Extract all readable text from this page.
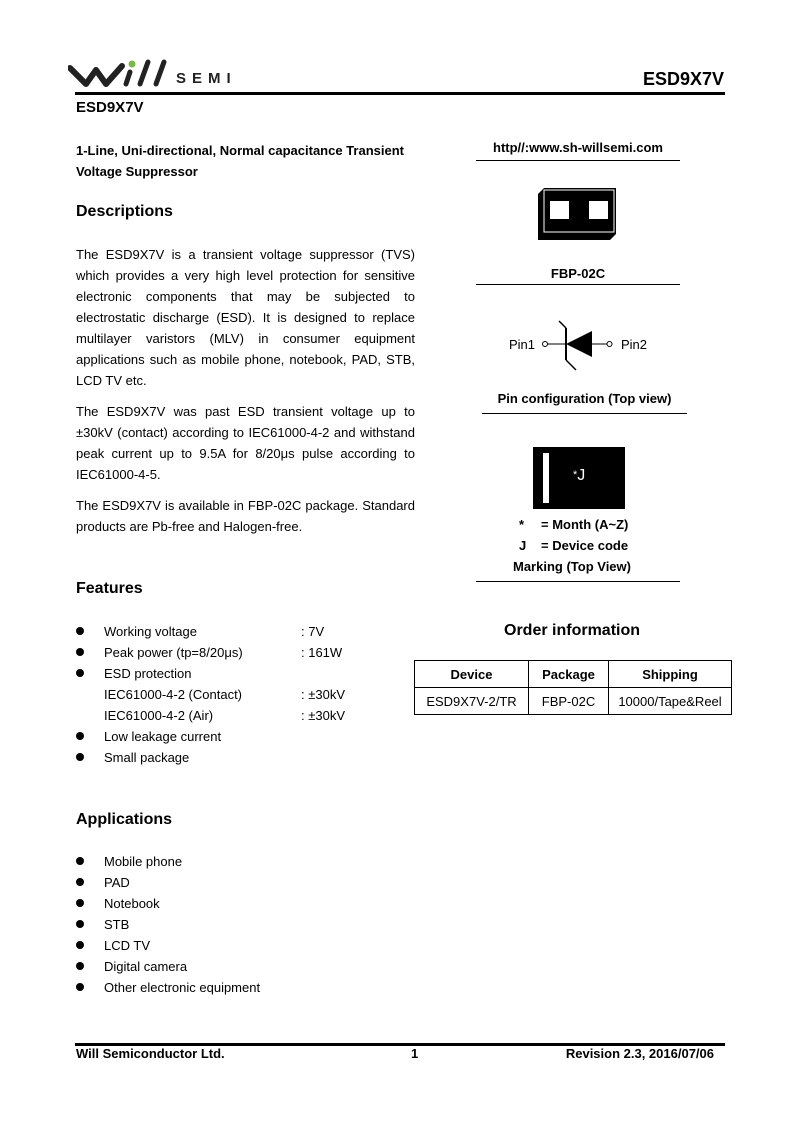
SEMI	ESD9X7V
ESD9X7V
1-Line, Uni-directional, Normal capacitance Transient Voltage Suppressor
Descriptions

The ESD9X7V is a transient voltage suppressor (TVS) which provides a very high level protection for sensitive electronic components that may be subjected to electrostatic discharge (ESD). It is designed to replace multilayer varistors (MLV) in consumer equipment applications such as mobile phone, notebook, PAD, STB, LCD TV etc.

The ESD9X7V was past ESD transient voltage up to ±30kV (contact) according to IEC61000-4-2 and withstand peak current up to 9.5A for 8/20μs pulse according to IEC61000-4-5.

The ESD9X7V is available in FBP-02C package. Standard products are Pb-free and Halogen-free.

Features
Working voltage	: 7V
Peak power (tp=8/20μs)	: 161W
ESD protection
IEC61000-4-2 (Contact)	: ±30kV
IEC61000-4-2 (Air)	: ±30kV
Low leakage current
Small package
Applications
Mobile phone
PAD
Notebook
STB
LCD TV
Digital camera
Other electronic equipment
http//:www.sh-willsemi.com
FBP-02C
Pin1	Pin2
Pin configuration (Top view)
*J
* = Month (A~Z)
J = Device code
Marking (Top View)
Order information
Device	Package	Shipping
ESD9X7V-2/TR	FBP-02C	10000/Tape&Reel
Will Semiconductor Ltd.	1	Revision 2.3, 2016/07/06
